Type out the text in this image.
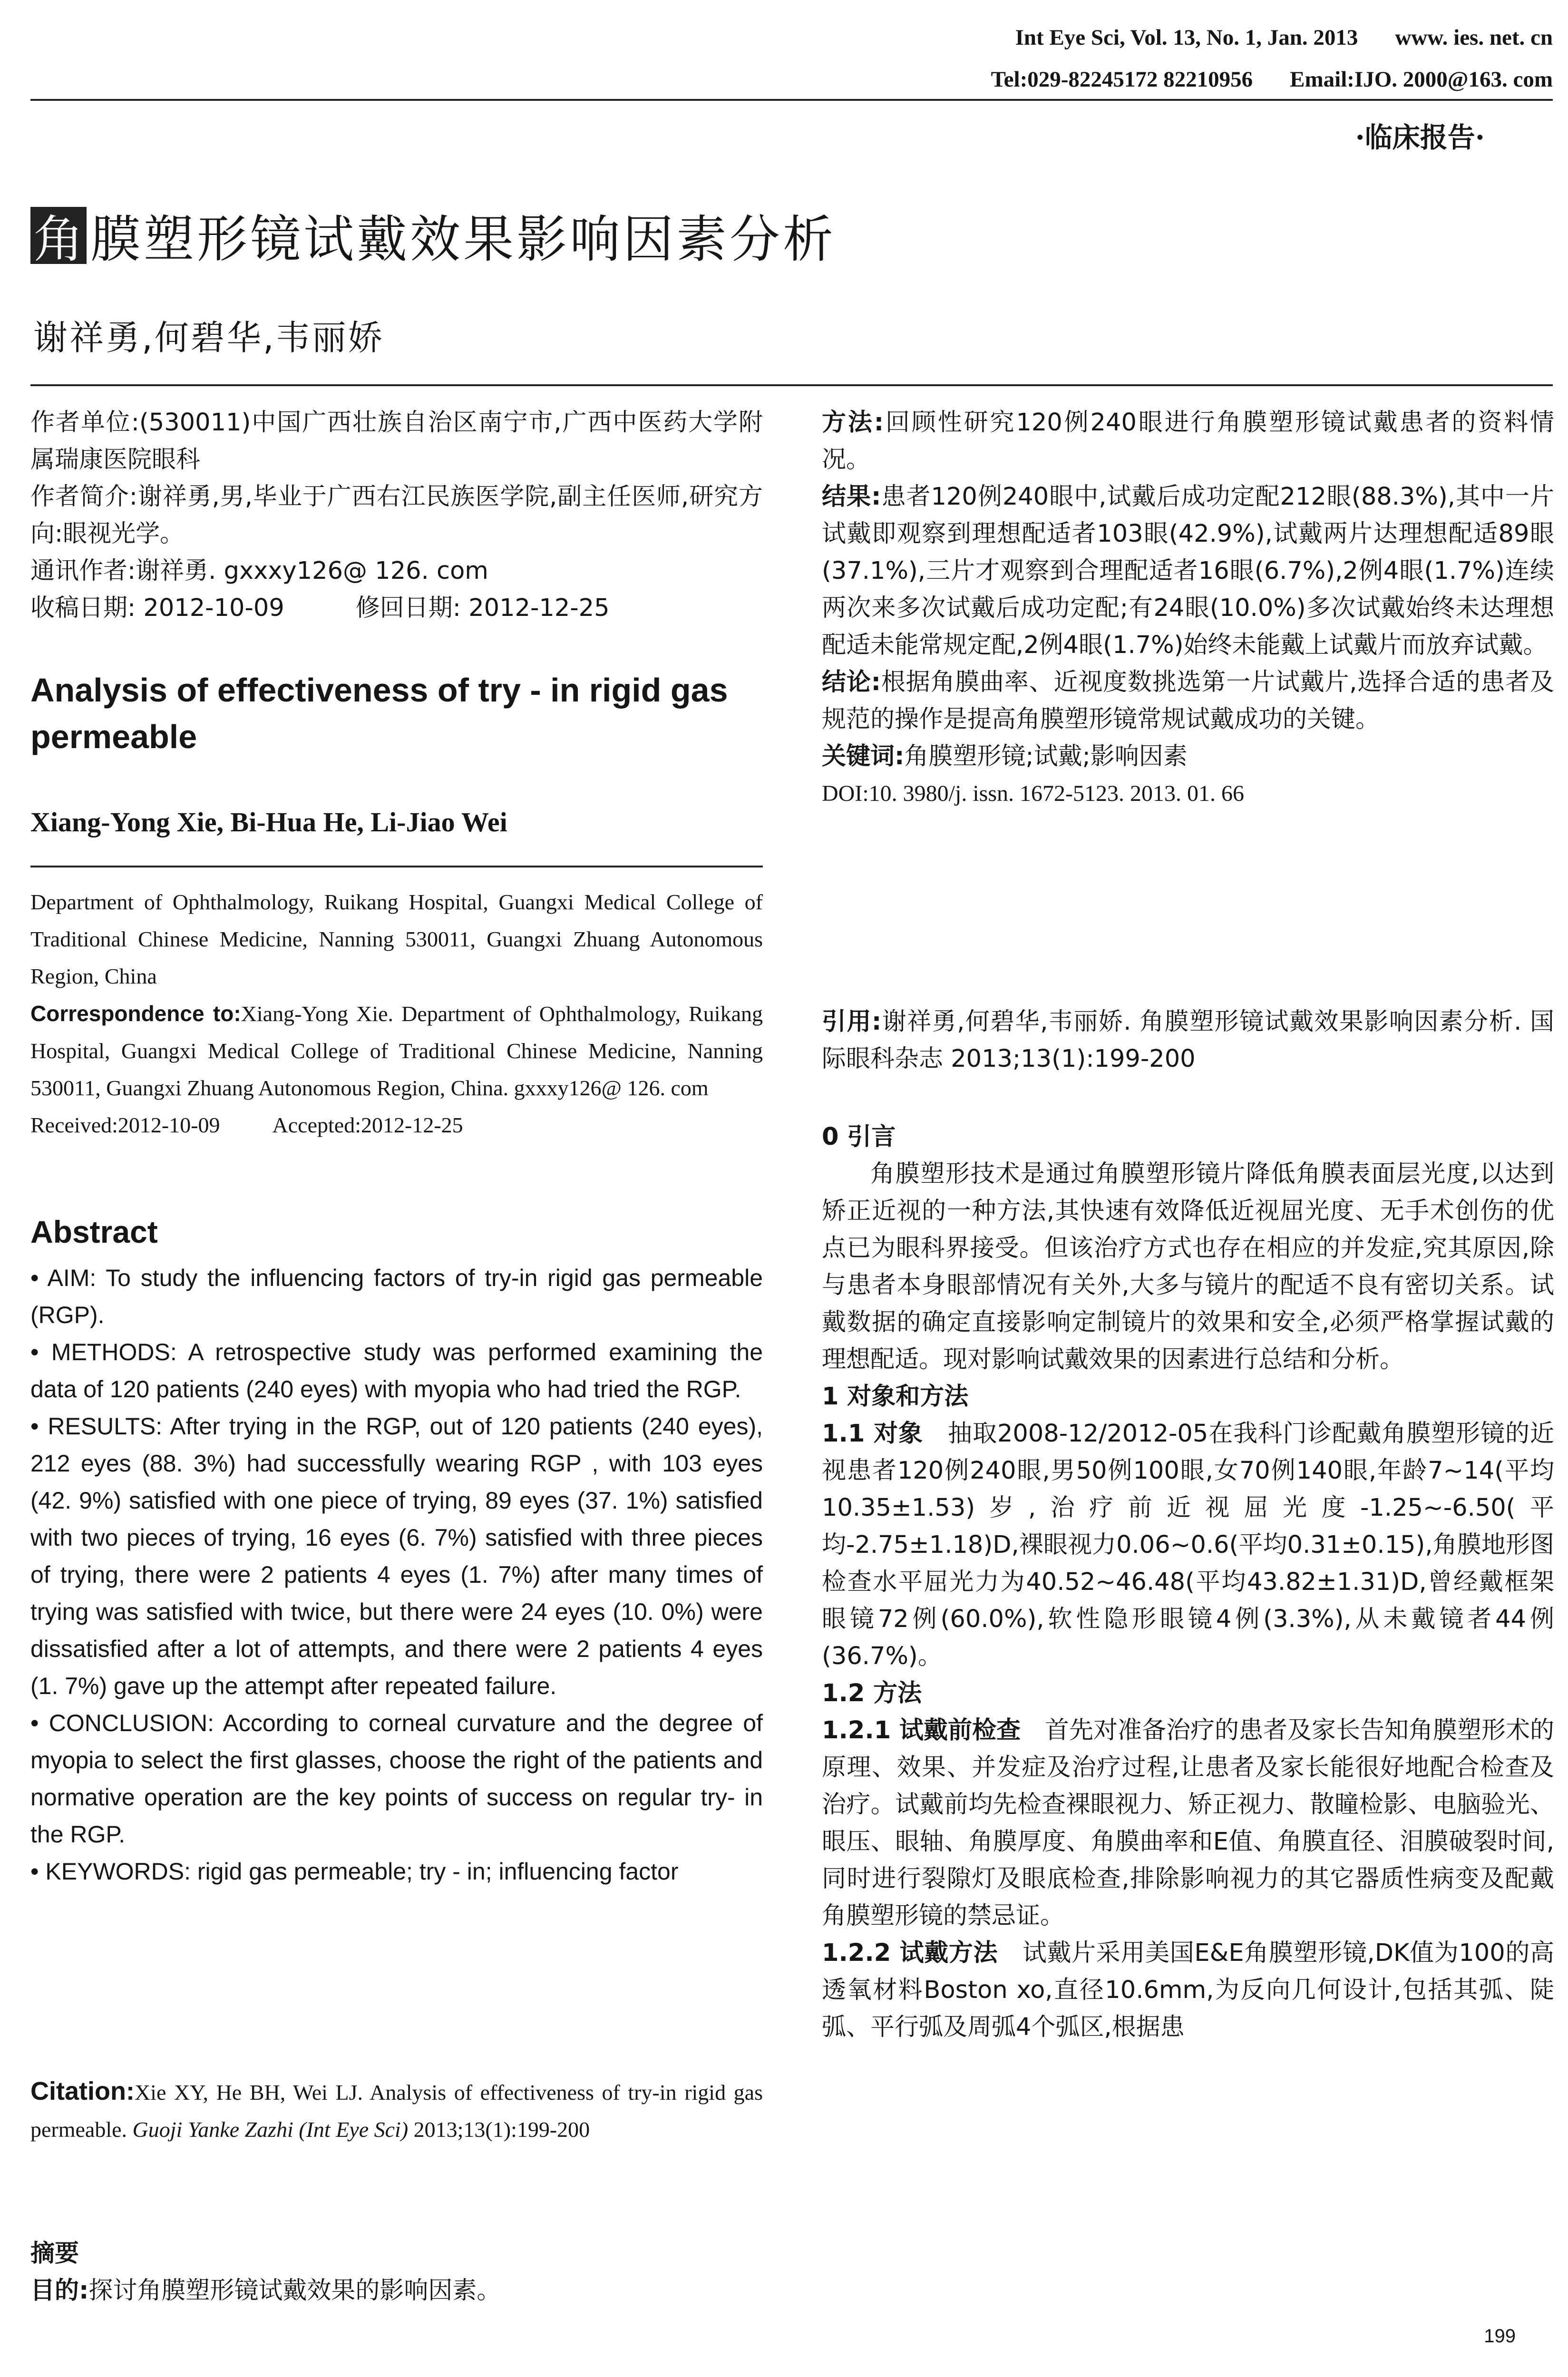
Int Eye Sci, Vol. 13, No. 1, Jan. 2013 www. ies. net. cn
Tel:029-82245172 82210956 Email:IJO. 2000@163. com
·临床报告·
角 膜塑形镜试戴效果影响因素分析
谢祥勇,何碧华,韦丽娇

作者单位:(530011)中国广西壮族自治区南宁市,广西中医药大学附属瑞康医院眼科

作者简介:谢祥勇,男,毕业于广西右江民族医学院,副主任医师,研究方向:眼视光学。

通讯作者:谢祥勇. gxxxy126@ 126. com

收稿日期: 2012-10-09	修回日期: 2012-12-25

Analysis of effectiveness of try - in rigid gas permeable
Xiang-Yong Xie, Bi-Hua He, Li-Jiao Wei

Department of Ophthalmology, Ruikang Hospital, Guangxi Medical College of Traditional Chinese Medicine, Nanning 530011, Guangxi Zhuang Autonomous Region, China

Correspondence to:Xiang-Yong Xie. Department of Ophthalmology, Ruikang Hospital, Guangxi Medical College of Traditional Chinese Medicine, Nanning 530011, Guangxi Zhuang Autonomous Region, China. gxxxy126@ 126. com

Received:2012-10-09 Accepted:2012-12-25

Abstract

• AIM: To study the influencing factors of try-in rigid gas permeable (RGP).

• METHODS: A retrospective study was performed examining the data of 120 patients (240 eyes) with myopia who had tried the RGP.

• RESULTS: After trying in the RGP, out of 120 patients (240 eyes), 212 eyes (88. 3%) had successfully wearing RGP , with 103 eyes (42. 9%) satisfied with one piece of trying, 89 eyes (37. 1%) satisfied with two pieces of trying, 16 eyes (6. 7%) satisfied with three pieces of trying, there were 2 patients 4 eyes (1. 7%) after many times of trying was satisfied with twice, but there were 24 eyes (10. 0%) were dissatisfied after a lot of attempts, and there were 2 patients 4 eyes (1. 7%) gave up the attempt after repeated failure.

• CONCLUSION: According to corneal curvature and the degree of myopia to select the first glasses, choose the right of the patients and normative operation are the key points of success on regular try- in the RGP.

• KEYWORDS: rigid gas permeable; try - in; influencing factor

Citation:Xie XY, He BH, Wei LJ. Analysis of effectiveness of try-in rigid gas permeable. Guoji Yanke Zazhi (Int Eye Sci) 2013;13(1):199-200

摘要

目的:探讨角膜塑形镜试戴效果的影响因素。

方法:回顾性研究120例240眼进行角膜塑形镜试戴患者的资料情况。

结果:患者120例240眼中,试戴后成功定配212眼(88.3%),其中一片试戴即观察到理想配适者103眼(42.9%),试戴两片达理想配适89眼(37.1%),三片才观察到合理配适者16眼(6.7%),2例4眼(1.7%)连续两次来多次试戴后成功定配;有24眼(10.0%)多次试戴始终未达理想配适未能常规定配,2例4眼(1.7%)始终未能戴上试戴片而放弃试戴。

结论:根据角膜曲率、近视度数挑选第一片试戴片,选择合适的患者及规范的操作是提高角膜塑形镜常规试戴成功的关键。

关键词:角膜塑形镜;试戴;影响因素

DOI:10. 3980/j. issn. 1672-5123. 2013. 01. 66

引用:谢祥勇,何碧华,韦丽娇. 角膜塑形镜试戴效果影响因素分析. 国际眼科杂志 2013;13(1):199-200

0 引言

角膜塑形技术是通过角膜塑形镜片降低角膜表面层光度,以达到矫正近视的一种方法,其快速有效降低近视屈光度、无手术创伤的优点已为眼科界接受。但该治疗方式也存在相应的并发症,究其原因,除与患者本身眼部情况有关外,大多与镜片的配适不良有密切关系。试戴数据的确定直接影响定制镜片的效果和安全,必须严格掌握试戴的理想配适。现对影响试戴效果的因素进行总结和分析。

1 对象和方法

1.1 对象　 抽取2008-12/2012-05在我科门诊配戴角膜塑形镜的近视患者120例240眼,男50例100眼,女70例140眼,年龄7~14(平均10.35±1.53)岁,治疗前近视屈光度-1.25~-6.50(平均-2.75±1.18)D,裸眼视力0.06~0.6(平均0.31±0.15),角膜地形图检查水平屈光力为40.52~46.48(平均43.82±1.31)D,曾经戴框架眼镜72例(60.0%),软性隐形眼镜4例(3.3%),从未戴镜者44例(36.7%)。

1.2 方法

1.2.1 试戴前检查　 首先对准备治疗的患者及家长告知角膜塑形术的原理、效果、并发症及治疗过程,让患者及家长能很好地配合检查及治疗。试戴前均先检查裸眼视力、矫正视力、散瞳检影、电脑验光、眼压、眼轴、角膜厚度、角膜曲率和E值、角膜直径、泪膜破裂时间,同时进行裂隙灯及眼底检查,排除影响视力的其它器质性病变及配戴角膜塑形镜的禁忌证。

1.2.2 试戴方法　 试戴片采用美国E&E角膜塑形镜,DK值为100的高透氧材料Boston xo,直径10.6mm,为反向几何设计,包括其弧、陡弧、平行弧及周弧4个弧区,根据患

199
